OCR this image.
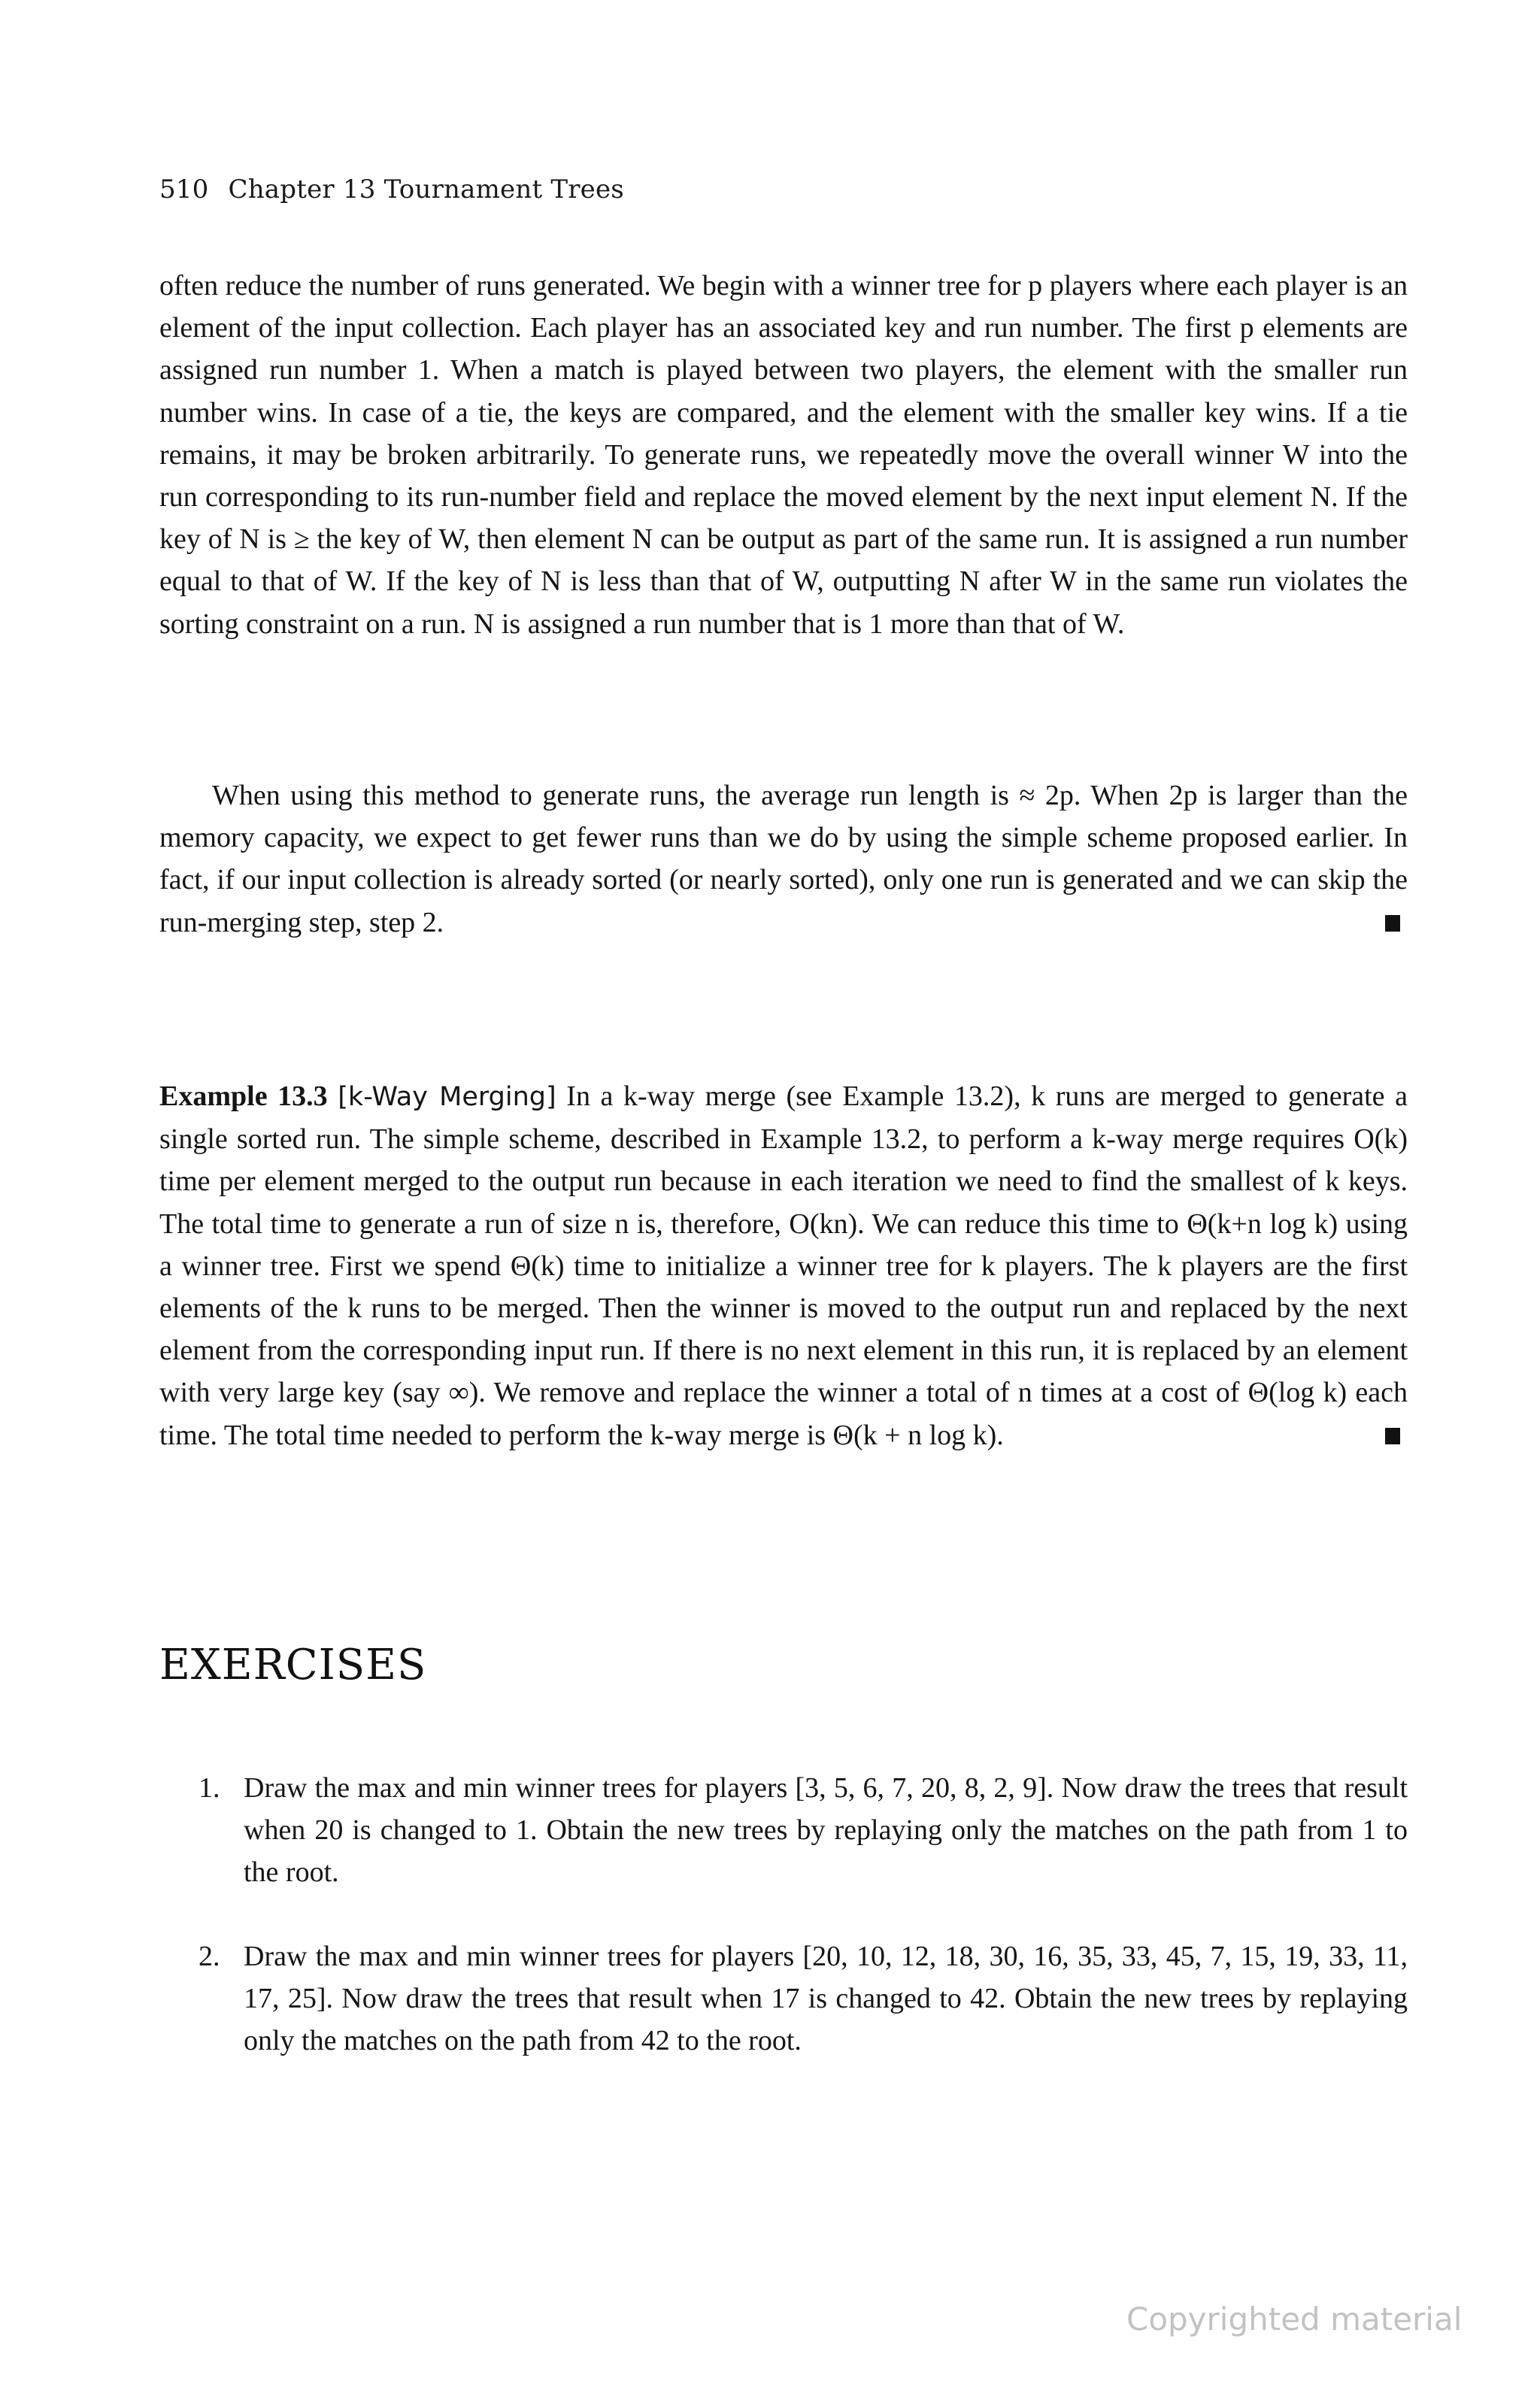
510 Chapter 13 Tournament Trees

often reduce the number of runs generated. We begin with a winner tree for p players where each player is an element of the input collection. Each player has an associated key and run number. The first p elements are assigned run number 1. When a match is played between two players, the element with the smaller run number wins. In case of a tie, the keys are compared, and the element with the smaller key wins. If a tie remains, it may be broken arbitrarily. To generate runs, we repeatedly move the overall winner W into the run corresponding to its run-number field and replace the moved element by the next input element N. If the key of N is ≥ the key of W, then element N can be output as part of the same run. It is assigned a run number equal to that of W. If the key of N is less than that of W, outputting N after W in the same run violates the sorting constraint on a run. N is assigned a run number that is 1 more than that of W.

When using this method to generate runs, the average run length is ≈ 2p. When 2p is larger than the memory capacity, we expect to get fewer runs than we do by using the simple scheme proposed earlier. In fact, if our input collection is already sorted (or nearly sorted), only one run is generated and we can skip the run-merging step, step 2.

Example 13.3 [k-Way Merging] In a k-way merge (see Example 13.2), k runs are merged to generate a single sorted run. The simple scheme, described in Example 13.2, to perform a k-way merge requires O(k) time per element merged to the output run because in each iteration we need to find the smallest of k keys. The total time to generate a run of size n is, therefore, O(kn). We can reduce this time to Θ(k+n log k) using a winner tree. First we spend Θ(k) time to initialize a winner tree for k players. The k players are the first elements of the k runs to be merged. Then the winner is moved to the output run and replaced by the next element from the corresponding input run. If there is no next element in this run, it is replaced by an element with very large key (say ∞). We remove and replace the winner a total of n times at a cost of Θ(log k) each time. The total time needed to perform the k-way merge is Θ(k + n log k).

EXERCISES
1. Draw the max and min winner trees for players [3, 5, 6, 7, 20, 8, 2, 9]. Now draw the trees that result when 20 is changed to 1. Obtain the new trees by replaying only the matches on the path from 1 to the root.
2. Draw the max and min winner trees for players [20, 10, 12, 18, 30, 16, 35, 33, 45, 7, 15, 19, 33, 11, 17, 25]. Now draw the trees that result when 17 is changed to 42. Obtain the new trees by replaying only the matches on the path from 42 to the root.
Copyrighted material
